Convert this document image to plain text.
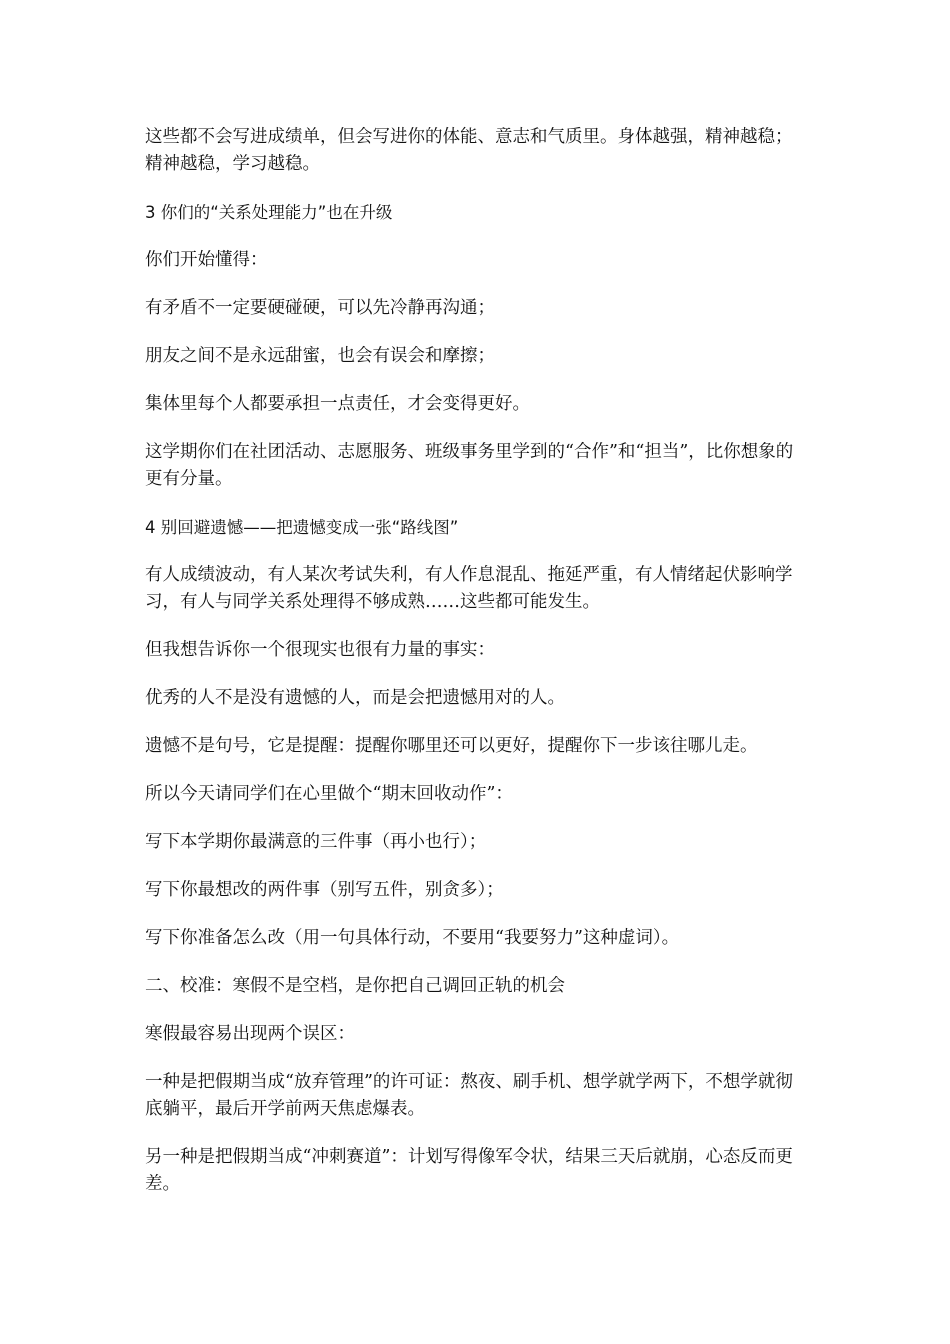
这些都不会写进成绩单，但会写进你的体能、意志和气质里。身体越强，精神越稳；精神越稳，学习越稳。

3 你们的“关系处理能力”也在升级

你们开始懂得：

有矛盾不一定要硬碰硬，可以先冷静再沟通；

朋友之间不是永远甜蜜，也会有误会和摩擦；

集体里每个人都要承担一点责任，才会变得更好。

这学期你们在社团活动、志愿服务、班级事务里学到的“合作”和“担当”，比你想象的更有分量。

4 别回避遗憾——把遗憾变成一张“路线图”

有人成绩波动，有人某次考试失利，有人作息混乱、拖延严重，有人情绪起伏影响学习，有人与同学关系处理得不够成熟……这些都可能发生。

但我想告诉你一个很现实也很有力量的事实：

优秀的人不是没有遗憾的人，而是会把遗憾用对的人。

遗憾不是句号，它是提醒：提醒你哪里还可以更好，提醒你下一步该往哪儿走。

所以今天请同学们在心里做个“期末回收动作”：

写下本学期你最满意的三件事（再小也行）；

写下你最想改的两件事（别写五件，别贪多）；

写下你准备怎么改（用一句具体行动，不要用“我要努力”这种虚词）。

二、校准：寒假不是空档，是你把自己调回正轨的机会

寒假最容易出现两个误区：

一种是把假期当成“放弃管理”的许可证：熬夜、刷手机、想学就学两下，不想学就彻底躺平，最后开学前两天焦虑爆表。

另一种是把假期当成“冲刺赛道”：计划写得像军令状，结果三天后就崩，心态反而更差。
